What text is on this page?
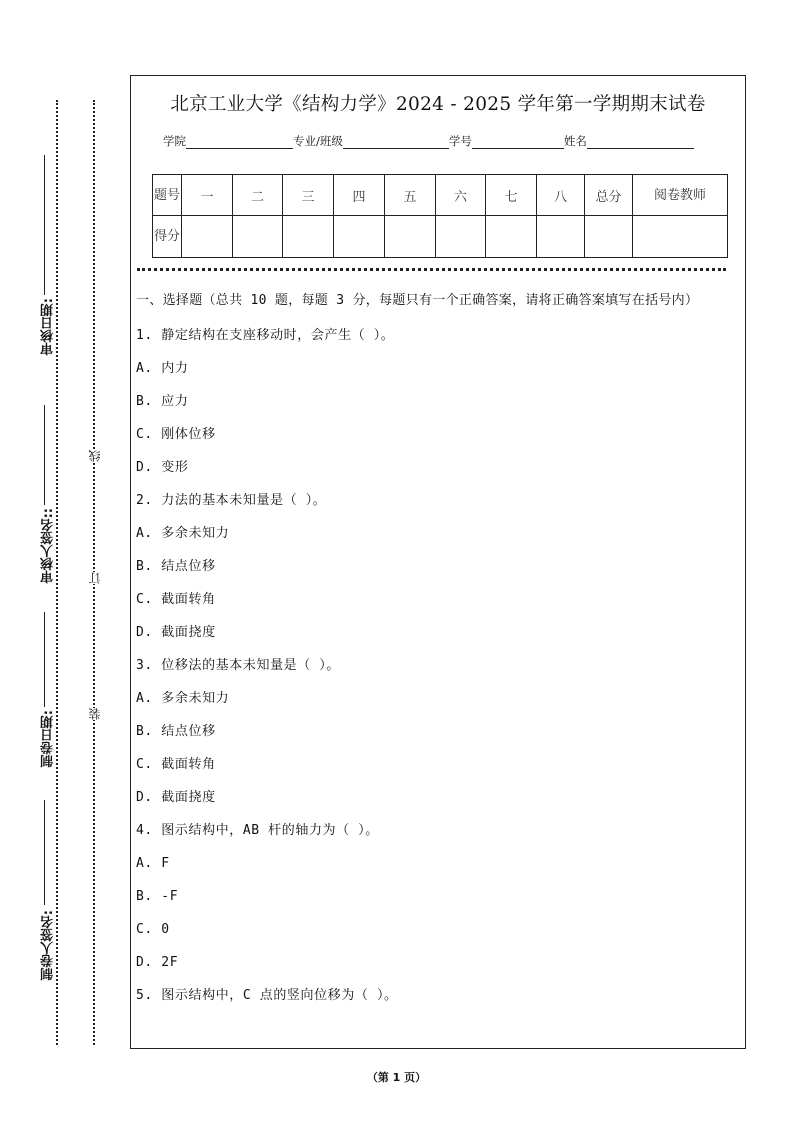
审核日期:
审核人签名::
制卷日期:
制卷人签名:
线
订
装
北京工业大学《结构力学》2024 - 2025 学年第一学期期末试卷
学院	专业/班级	学号	姓名
题号	一	二	三	四	五	六	七	八	总分	阅卷教师
得分										
一、选择题（总共 10 题，每题 3 分，每题只有一个正确答案，请将正确答案填写在括号内）
1. 静定结构在支座移动时，会产生（ ）。
A. 内力
B. 应力
C. 刚体位移
D. 变形
2. 力法的基本未知量是（ ）。
A. 多余未知力
B. 结点位移
C. 截面转角
D. 截面挠度
3. 位移法的基本未知量是（ ）。
A. 多余未知力
B. 结点位移
C. 截面转角
D. 截面挠度
4. 图示结构中，AB 杆的轴力为（ ）。
A. F
B. -F
C. 0
D. 2F
5. 图示结构中，C 点的竖向位移为（ ）。
（第 1 页）
